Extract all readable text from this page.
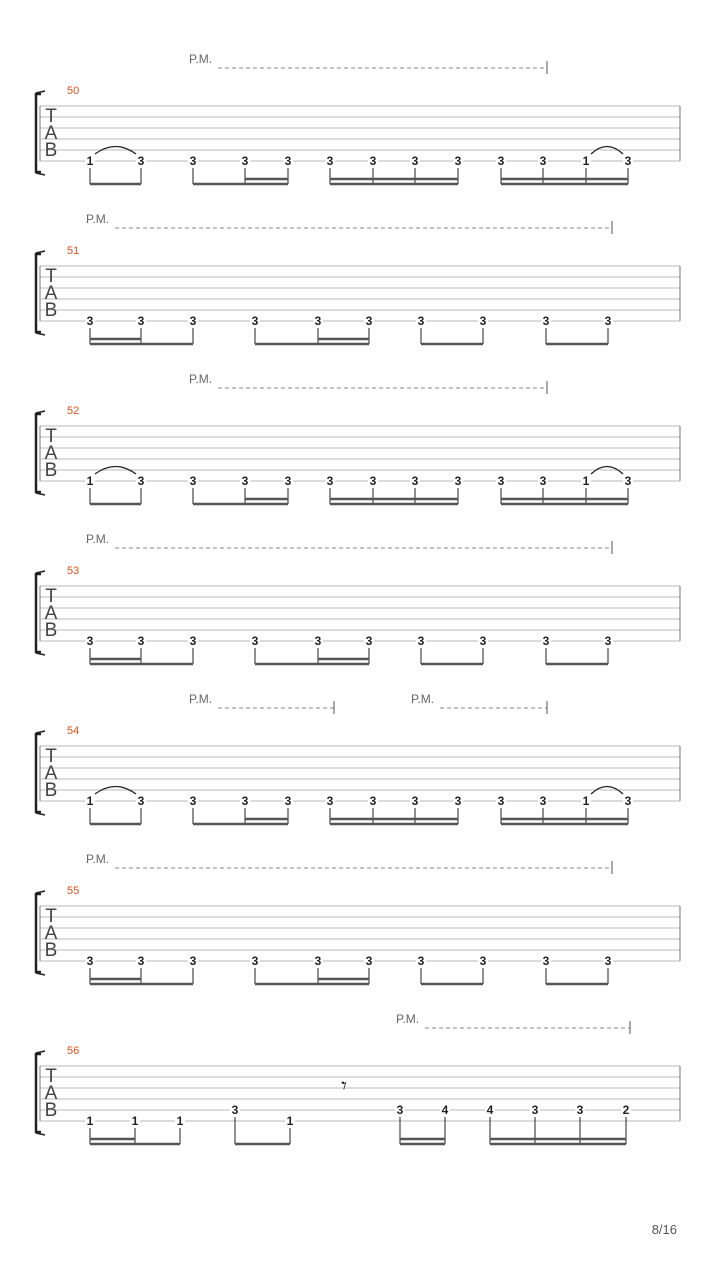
50
T
A
B
P.M.
1	3	3	3	3	3	3	3	3	3	3	1	3
51
T
A
B
P.M.
3	3	3	3	3	3	3	3	3	3
52
T
A
B
P.M.
1	3	3	3	3	3	3	3	3	3	3	1	3
53
T
A
B
P.M.
3	3	3	3	3	3	3	3	3	3
54
T
A
B
P.M.	P.M.
1	3	3	3	3	3	3	3	3	3	3	1	3
55
T
A
B
P.M.
3	3	3	3	3	3	3	3	3	3
56
T
A
B
P.M.
1	1	1
3
1
3	4	4	3	3	2
𝄾
8/16
